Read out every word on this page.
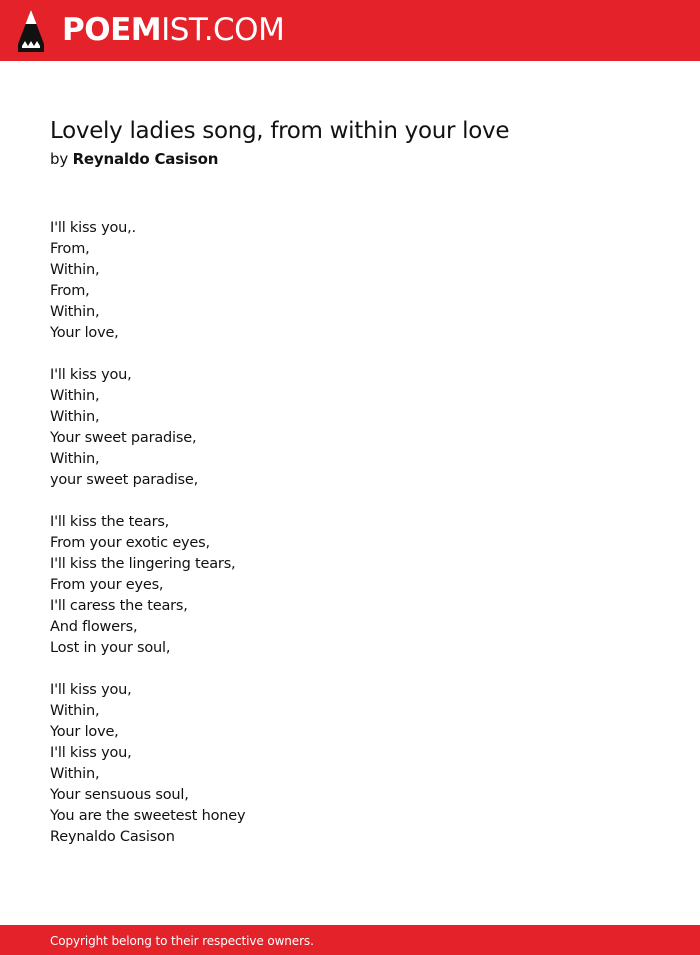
POEMIST.COM
Lovely ladies song, from within your love
by Reynaldo Casison
I'll kiss you,.
From,
Within,
From,
Within,
Your love,
I'll kiss you,
Within,
Within,
Your sweet paradise,
Within,
your sweet paradise,
I'll kiss the tears,
From your exotic eyes,
I'll kiss the lingering tears,
From your eyes,
I'll caress the tears,
And flowers,
Lost in your soul,
I'll kiss you,
Within,
Your love,
I'll kiss you,
Within,
Your sensuous soul,
You are the sweetest honey
Reynaldo Casison
Copyright belong to their respective owners.
